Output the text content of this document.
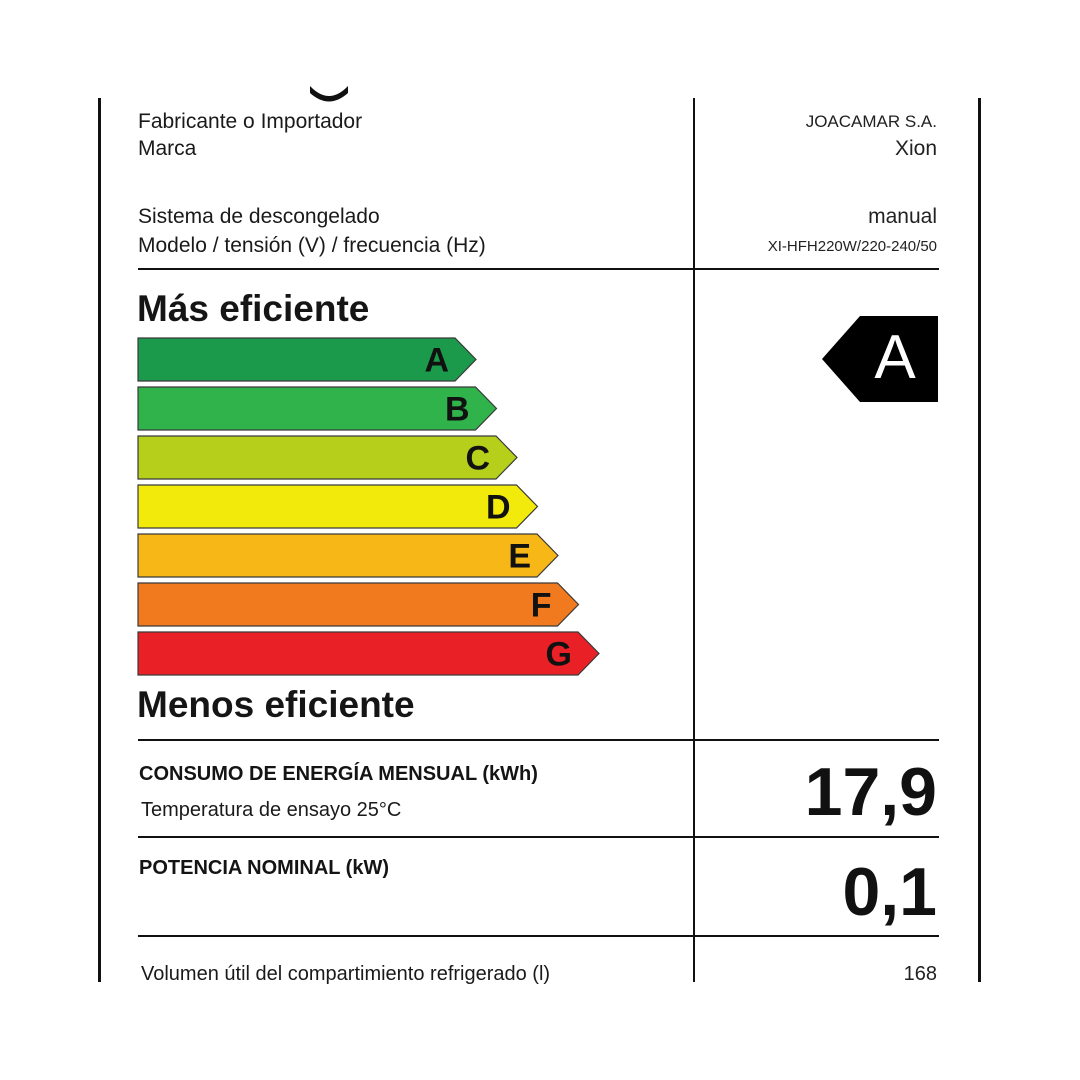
Fabricante o Importador	JOACAMAR S.A.
Marca	Xion
Sistema de descongelado	manual
Modelo / tensión (V) / frecuencia (Hz)	XI-HFH220W/220-240/50
Más eficiente
Menos eficiente
A
B
C
D
E
F
G
A
CONSUMO DE ENERGÍA MENSUAL (kWh)
Temperatura de ensayo 25°C	17,9
POTENCIA NOMINAL (kW)	0,1
Volumen útil del compartimiento refrigerado (l)	168
